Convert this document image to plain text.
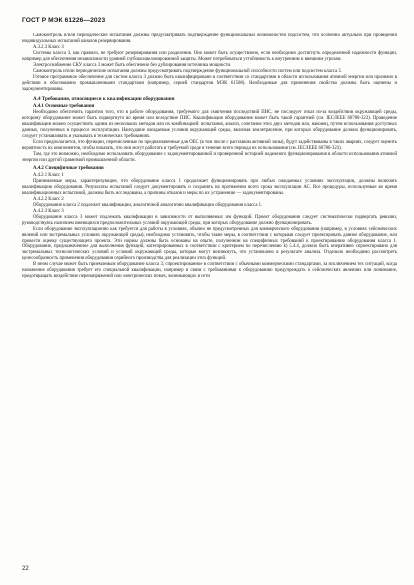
ГОСТ Р МЭК 61226—2023

Самоконтроль и/или периодические испытания должны предусматривать подтверждение функциональных возможностей подсистем, что особенно актуально при проведении индивидуальных испытаний каналов резервирования.

А.3.2.3 Класс 3

Системы класса 3, как правило, не требуют резервирования или разделения. Оно может быть осуществлено, если необходимо достигнуть определенной надежности функции, например для обеспечения независимости уровней глубокоэшелонированной защиты. Может потребоваться устойчивость к внутренним и внешним угрозам.

Электроснабжение СКУ класса 3 может быть обеспечено без дублирования источника мощности.

Самоконтроль и/или периодические испытания должны предусматривать подтверждение функциональной способности систем или подсистем класса 3.

Готовое программное обеспечение для систем класса 3 должно быть квалифицировано в соответствии со стандартами в области использования атомной энергии или признано в действии в обоснованно промышленными стандартами (например, серией стандартов МЭК 61508). Необходимые для применения свойства должны быть оценены и задокументированы.

А.4 Требования, относящиеся к квалификации оборудования
А.4.1 Основные требования

Необходимо обеспечить гарантии того, что в работе оборудования, требуемого для смягчения последствий ПИС, не последует отказ из-за воздействия окружающей среды, которому оборудование может быть подвергнуто во время или вследствие ПИС. Квалификация оборудования может быть такой гарантией (см. IEC/IEEE 60780-323). Проведение квалификации можно осуществить одним из нескольких методов или их комбинацией: испытания, анализ, сочетание этих двух методов или, наконец, путем использования доступных данных, полученных в процессе эксплуатации. Наихудшие ожидаемые условия окружающей среды, включая землетрясение, при которых оборудование должно функционировать, следует устанавливать и указывать в технических требованиях.

Если предполагается, что функции, перечисленные по предназначенные для ОЕС (в том числе с расплавом активной зоны), будут задействованы в таких авариях, следует оценить вероятность их компонентов, чтобы показать, что они могут работать в требуемой среде в течение всего периода их использования (см. IEC/IEEE 60780-323).

Там, где это возможно, необходимо использовать оборудование с задокументированной и проверенной историей надежного функционирования в области использования атомной энергии или другой сравнимой промышленной области.

А.4.2 Специфичные требования

А.4.2.1 Класс 1

Принимаемые меры, характеризующие, что оборудование класса 1 продолжает функционировать при любых ожидаемых условиях эксплуатации, должны включать квалификацию оборудования. Результаты испытаний следует документировать и сохранять на протяжении всего срока эксплуатации АС. Все процедуры, используемые во время квалификационных испытаний, должны быть исследованы, а причины отказов и меры по их устранению — задокументированы.

А.4.2.2 Класс 2

Оборудование класса 2 подлежит квалификации, аналогичной аналогично квалификации оборудования класса 1.

А.4.2.3 Класс 3

Оборудование класса 3 может подлежать квалификации в зависимости от выполняемых им функций. Проект оборудования следует систематически подвергать ревизии, руководствуясь наличием имеющихся предположительных условий окружающей среды, при которых оборудование должно функционировать.

Если оборудование эксплуатационно как требуется для работы в условиях, обычно не предусмотренных для коммерческого оборудования (например, в условиях сейсмических явлений или экстремальных условиях окружающей среды), необходимо установить, чтобы такие меры, в соответствии с которыми следует проектировать данное оборудование, или провести оценку существующего проекта. Эти нормы должны быть основаны на опыте, полученном на специфичных требований к проектированию оборудования класса 1. Оборудование, предназначенное для выполнения функций, категорированных в соответствии с критерием по перечислению k) 5.4.4, должно быть оперативно спроектировано для экстремальных технологических условий и условий окружающей среды, которые могут возникнуть, что установлено в результате анализа. Отдельно необходимо рассмотреть целесообразность применения оборудования серийного производства для реализации этих функций.

В ином случае может быть приемлемым оборудование класса 3, спроектированное в соответствии с обычными коммерческими стандартами, за исключением тех ситуаций, когда назначение оборудования требует его специальной квалификации, например в связи с требованиями к оборудованию предупреждать о сейсмических явлениях или понимание, предотвращать воздействие перенапряжений или электрических помех, возникающих в сети

22
